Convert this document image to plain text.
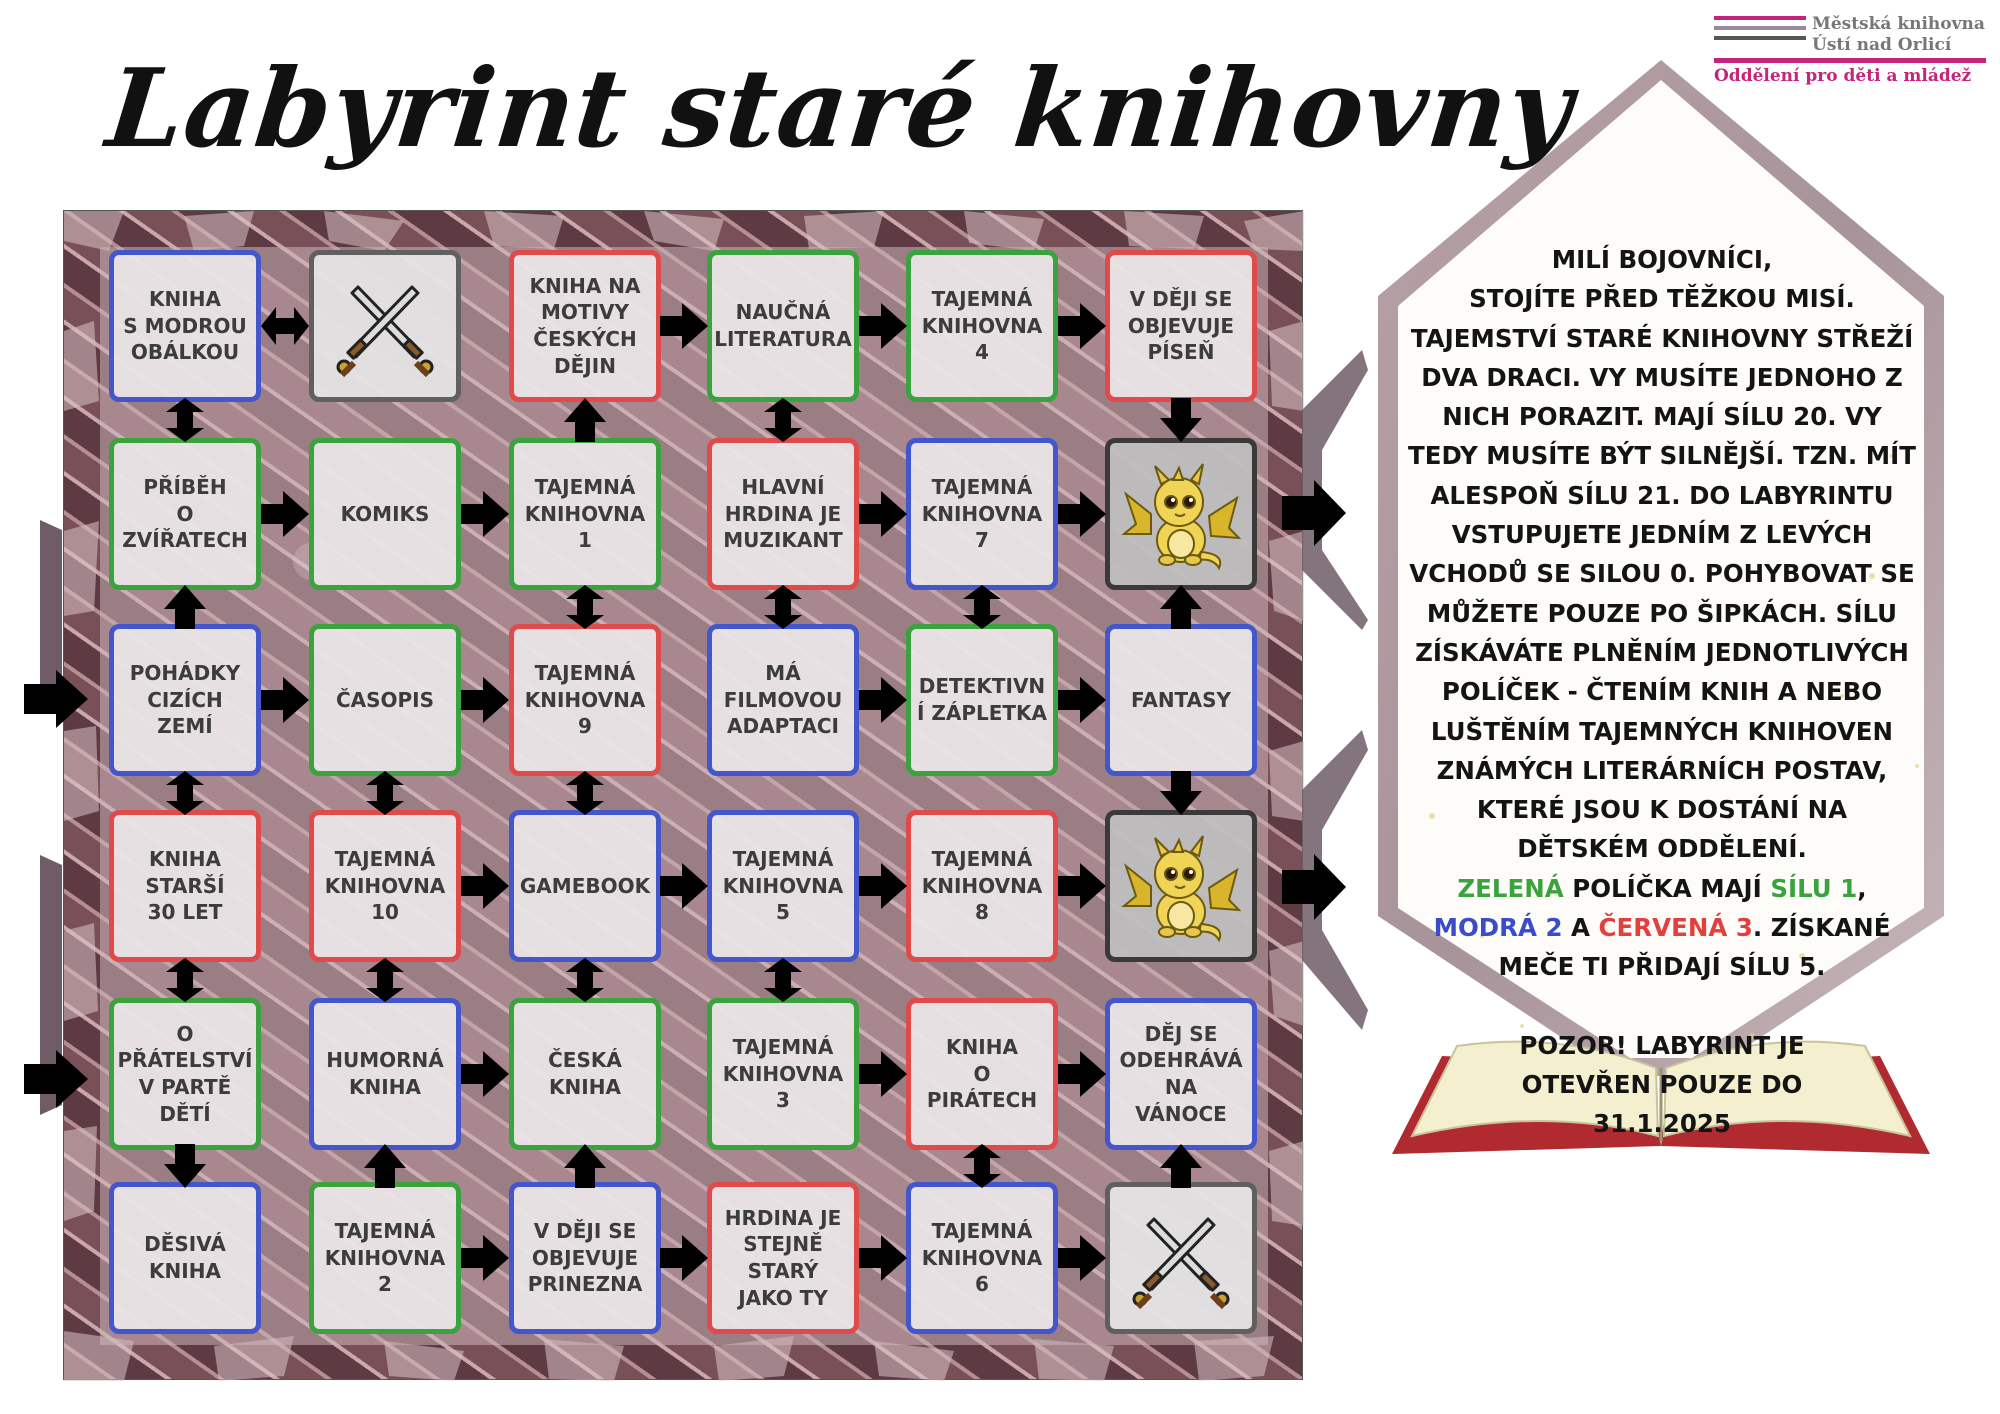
Labyrint staré knihovny
Městská knihovna
Ústí nad Orlicí
Oddělení pro děti a mládež
KNIHA
S MODROU
OBÁLKOU
KNIHA NA
MOTIVY
ČESKÝCH
DĚJIN
NAUČNÁ
LITERATURA
TAJEMNÁ
KNIHOVNA
4
V DĚJI SE
OBJEVUJE
PÍSEŇ
PŘÍBĚH
O
ZVÍŘATECH
KOMIKS
TAJEMNÁ
KNIHOVNA
1
HLAVNÍ
HRDINA JE
MUZIKANT
TAJEMNÁ
KNIHOVNA
7
POHÁDKY
CIZÍCH
ZEMÍ
ČASOPIS
TAJEMNÁ
KNIHOVNA
9
MÁ
FILMOVOU
ADAPTACI
DETEKTIVN
Í ZÁPLETKA
FANTASY
KNIHA
STARŠÍ
30 LET
TAJEMNÁ
KNIHOVNA
10
GAMEBOOK
TAJEMNÁ
KNIHOVNA
5
TAJEMNÁ
KNIHOVNA
8
O
PŘÁTELSTVÍ
V PARTĚ
DĚTÍ
HUMORNÁ
KNIHA
ČESKÁ
KNIHA
TAJEMNÁ
KNIHOVNA
3
KNIHA
O
PIRÁTECH
DĚJ SE
ODEHRÁVÁ
NA
VÁNOCE
DĚSIVÁ
KNIHA
TAJEMNÁ
KNIHOVNA
2
V DĚJI SE
OBJEVUJE
PRINEZNA
HRDINA JE
STEJNĚ
STARÝ
JAKO TY
TAJEMNÁ
KNIHOVNA
6

MILÍ BOJOVNÍCI,
STOJÍTE PŘED TĚŽKOU MISÍ.
TAJEMSTVÍ STARÉ KNIHOVNY STŘEŽÍ
DVA DRACI. VY MUSÍTE JEDNOHO Z
NICH PORAZIT. MAJÍ SÍLU 20. VY
TEDY MUSÍTE BÝT SILNĚJŠÍ. TZN. MÍT
ALESPOŇ SÍLU 21. DO LABYRINTU
VSTUPUJETE JEDNÍM Z LEVÝCH
VCHODŮ SE SILOU 0. POHYBOVAT SE
MŮŽETE POUZE PO ŠIPKÁCH. SÍLU
ZÍSKÁVÁTE PLNĚNÍM JEDNOTLIVÝCH
POLÍČEK - ČTENÍM KNIH A NEBO
LUŠTĚNÍM TAJEMNÝCH KNIHOVEN
ZNÁMÝCH LITERÁRNÍCH POSTAV,
KTERÉ JSOU K DOSTÁNÍ NA
DĚTSKÉM ODDĚLENÍ.

ZELENÁ POLÍČKA MAJÍ SÍLU 1,
MODRÁ 2 A ČERVENÁ 3. ZÍSKANÉ
MEČE TI PŘIDAJÍ SÍLU 5.

POZOR! LABYRINT JE
OTEVŘEN POUZE DO
31.1.2025
